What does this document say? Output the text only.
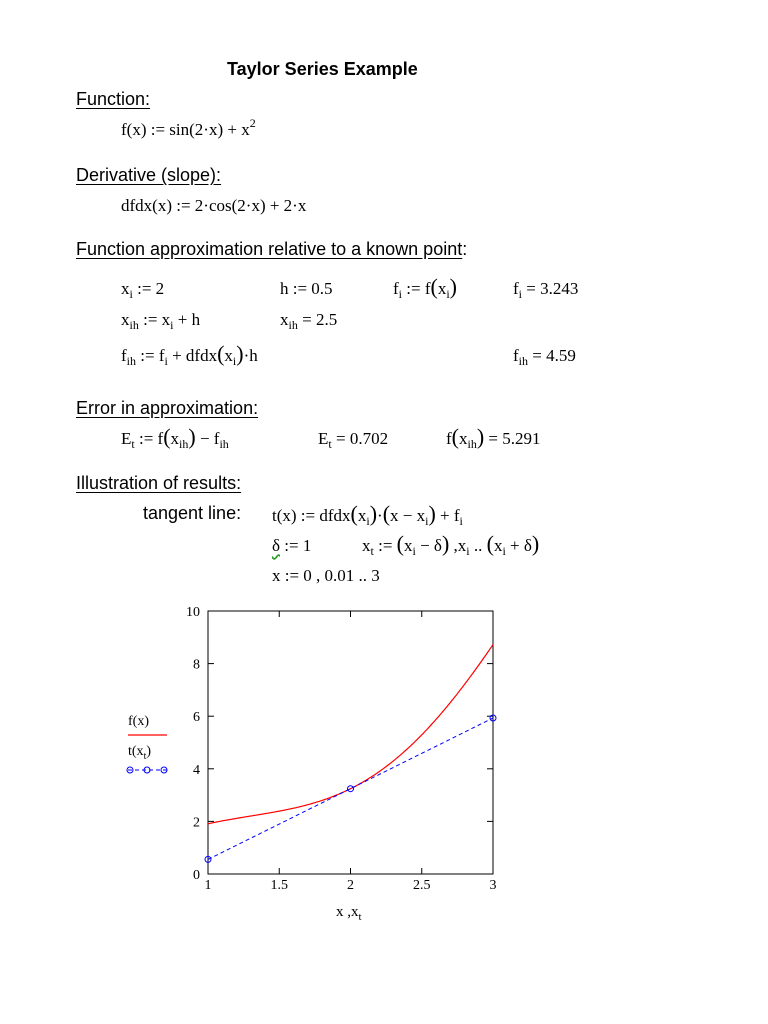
Taylor Series Example
Function:
f(x) := $\sin(2\cdot x) + x^2$
Derivative (slope):
dfdx(x) := 2·cos(2·x) + 2·x
Function approximation relative to a known point:
$x_i$ := 2	h := 0.5	$f_i$ := $f(x_i)$	$f_i = 3.243$
$x_{ih}$ := $x_i + h$	$x_{ih} = 2.5$
$f_{ih}$ := $f_i$ + $dfdx(x_i)\cdot h$	$f_{ih} = 4.59$
Error in approximation:
$E_t$ := $f(x_{ih}) - f_{ih}$	$E_t = 0.702$	$f(x_{ih}) = 5.291$
Illustration of results:
tangent line: t(x) := $dfdx(x_i)\cdot(x - x_i) + f_i$
δ := 1	$x_t$ := $(x_i - \delta)$ $,x_i$ .. $(x_i + \delta)$
x := 0 , 0.01 .. 3
0
2
4
6
8
10
1	1.5	2	2.5	3
f(x)
$t(x_t)$
x $,x_t$
